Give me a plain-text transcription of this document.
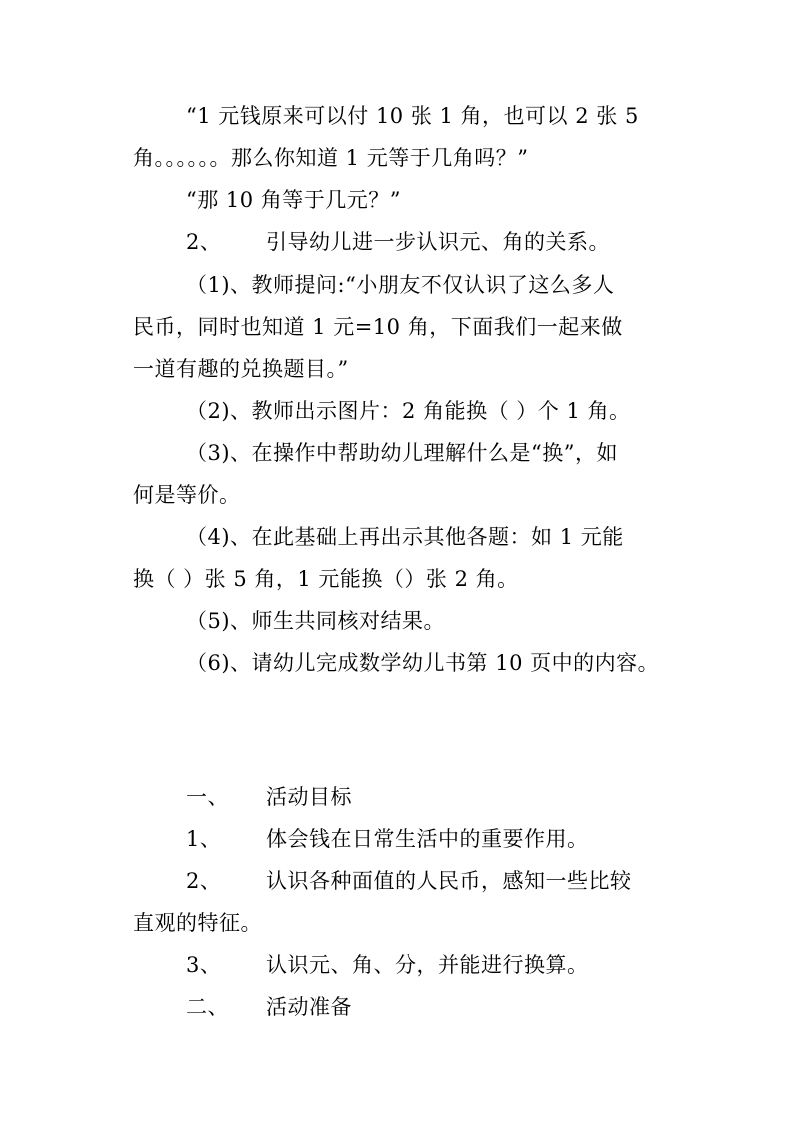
“1 元钱原来可以付 10 张 1 角，也可以 2 张 5
角。。。。。。那么你知道 1 元等于几角吗？”
“那 10 角等于几元？”
2、 引导幼儿进一步认识元、角的关系。
（1)、教师提问:“小朋友不仅认识了这么多人
民币，同时也知道 1 元=10 角，下面我们一起来做
一道有趣的兑换题目。”
（2)、教师出示图片：2 角能换（ ）个 1 角。
（3)、在操作中帮助幼儿理解什么是“换”，如
何是等价。
（4)、在此基础上再出示其他各题：如 1 元能
换（ ）张 5 角，1 元能换（）张 2 角。
（5)、师生共同核对结果。
（6)、请幼儿完成数学幼儿书第 10 页中的内容。
一、 活动目标
1、 体会钱在日常生活中的重要作用。
2、 认识各种面值的人民币，感知一些比较
直观的特征。
3、 认识元、角、分，并能进行换算。
二、 活动准备
